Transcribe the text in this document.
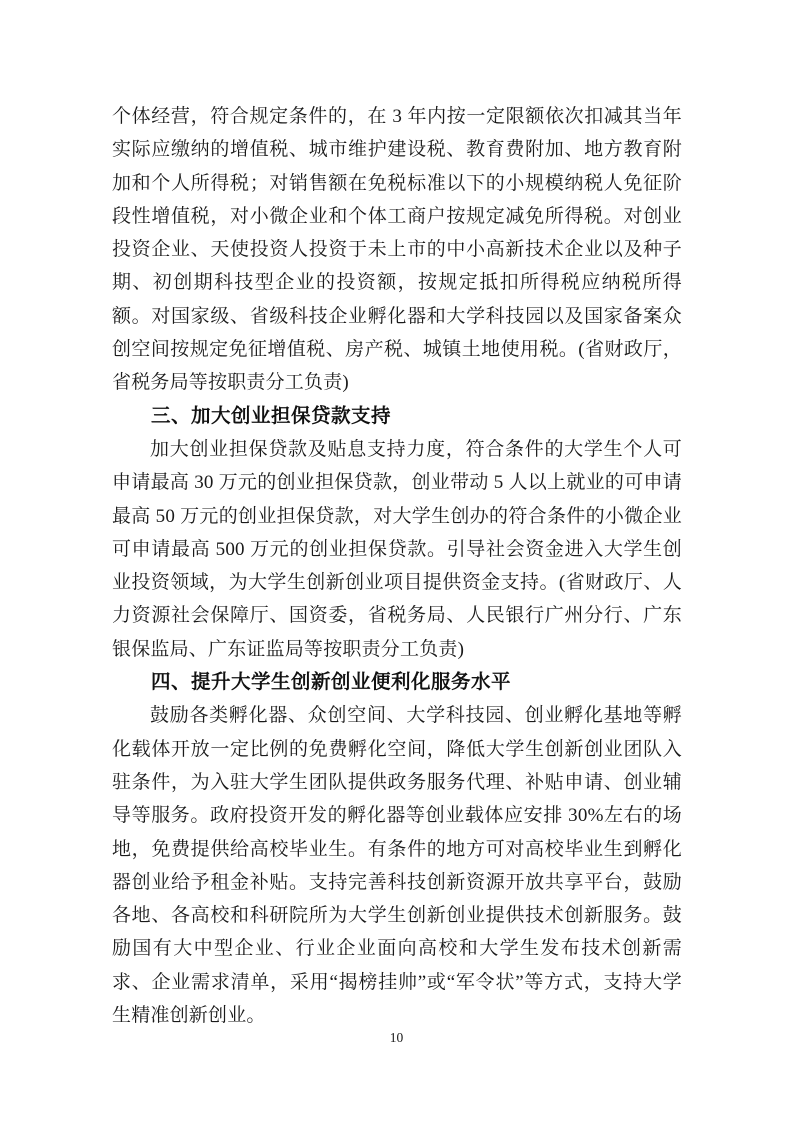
个体经营，符合规定条件的，在 3 年内按一定限额依次扣减其当年实际应缴纳的增值税、城市维护建设税、教育费附加、地方教育附加和个人所得税；对销售额在免税标准以下的小规模纳税人免征阶段性增值税，对小微企业和个体工商户按规定减免所得税。对创业投资企业、天使投资人投资于未上市的中小高新技术企业以及种子期、初创期科技型企业的投资额，按规定抵扣所得税应纳税所得额。对国家级、省级科技企业孵化器和大学科技园以及国家备案众创空间按规定免征增值税、房产税、城镇土地使用税。(省财政厅，省税务局等按职责分工负责)

三、加大创业担保贷款支持

加大创业担保贷款及贴息支持力度，符合条件的大学生个人可申请最高 30 万元的创业担保贷款，创业带动 5 人以上就业的可申请最高 50 万元的创业担保贷款，对大学生创办的符合条件的小微企业可申请最高 500 万元的创业担保贷款。引导社会资金进入大学生创业投资领域，为大学生创新创业项目提供资金支持。(省财政厅、人力资源社会保障厅、国资委，省税务局、人民银行广州分行、广东银保监局、广东证监局等按职责分工负责)

四、提升大学生创新创业便利化服务水平

鼓励各类孵化器、众创空间、大学科技园、创业孵化基地等孵化载体开放一定比例的免费孵化空间，降低大学生创新创业团队入驻条件，为入驻大学生团队提供政务服务代理、补贴申请、创业辅导等服务。政府投资开发的孵化器等创业载体应安排 30%左右的场地，免费提供给高校毕业生。有条件的地方可对高校毕业生到孵化器创业给予租金补贴。支持完善科技创新资源开放共享平台，鼓励各地、各高校和科研院所为大学生创新创业提供技术创新服务。鼓励国有大中型企业、行业企业面向高校和大学生发布技术创新需求、企业需求清单，采用“揭榜挂帅”或“军令状”等方式，支持大学生精准创新创业。

10
